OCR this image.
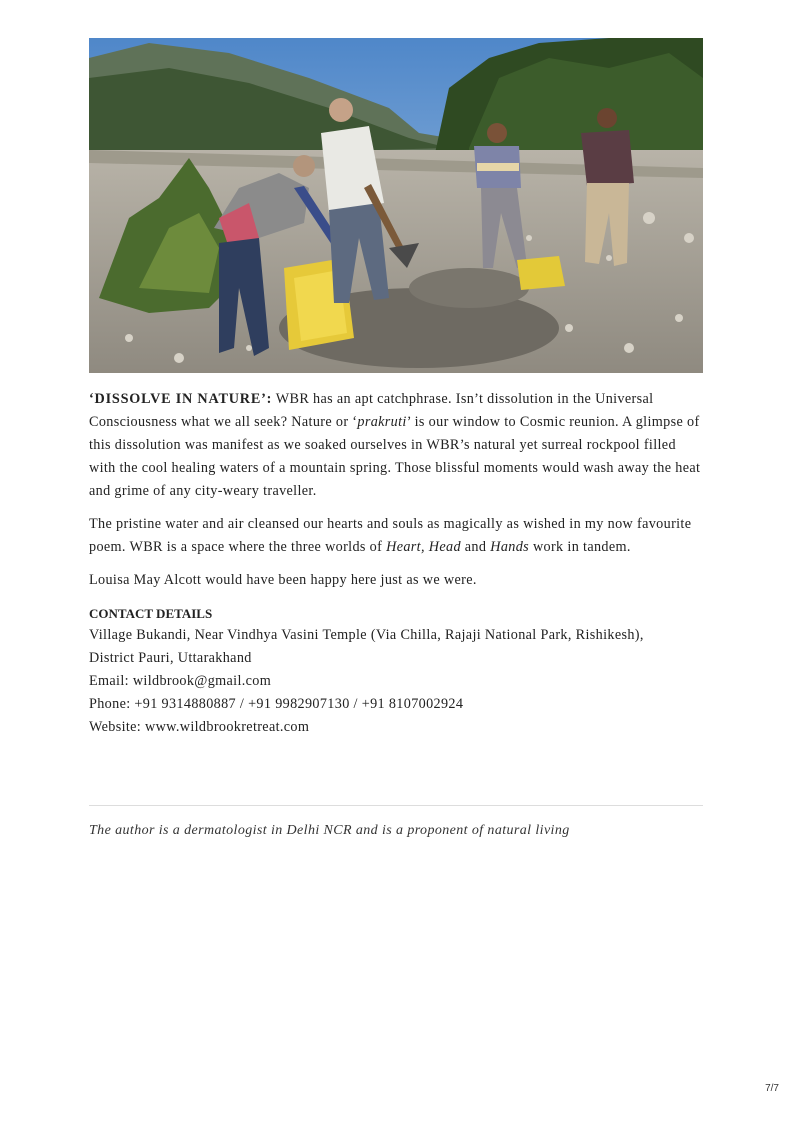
‘DISSOLVE IN NATURE’: WBR has an apt catchphrase. Isn’t dissolution in the Universal Consciousness what we all seek? Nature or ‘prakruti’ is our window to Cosmic reunion. A glimpse of this dissolution was manifest as we soaked ourselves in WBR’s natural yet surreal rockpool filled with the cool healing waters of a mountain spring. Those blissful moments would wash away the heat and grime of any city-weary traveller.

The pristine water and air cleansed our hearts and souls as magically as wished in my now favourite poem. WBR is a space where the three worlds of Heart, Head and Hands work in tandem.

Louisa May Alcott would have been happy here just as we were.

CONTACT DETAILS
Village Bukandi, Near Vindhya Vasini Temple (Via Chilla, Rajaji National Park, Rishikesh),
District Pauri, Uttarakhand
Email: wildbrook@gmail.com
Phone: +91 9314880887 / +91 9982907130 / +91 8107002924
Website: www.wildbrookretreat.com
The author is a dermatologist in Delhi NCR and is a proponent of natural living
7/7
